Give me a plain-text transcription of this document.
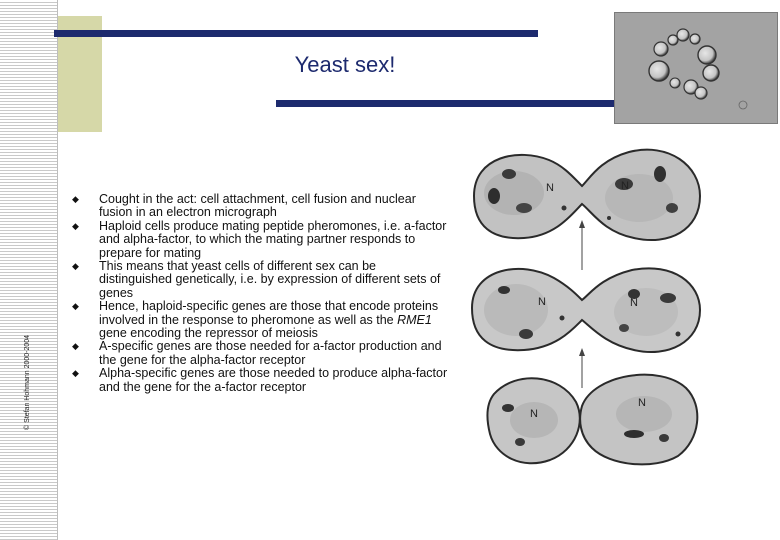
© Stefan Hohmann 2000-2004
Yeast sex!
◆ Cought in the act: cell attachment, cell fusion and nuclear fusion in an electron micrograph
◆ Haploid cells produce mating peptide pheromones, i.e. a-factor and alpha-factor, to which the mating partner responds to prepare for mating
◆ This means that yeast cells of different sex can be distinguished genetically, i.e. by expression of different sets of genes
◆ Hence, haploid-specific genes are those that encode proteins involved in the response to pheromone as well as the RME1 gene encoding the repressor of meiosis
◆ A-specific genes are those needed for a-factor production and the gene for the alpha-factor receptor
◆ Alpha-specific genes are those needed to produce alpha-factor and the gene for the a-factor receptor
N	N
N	N
N
N
